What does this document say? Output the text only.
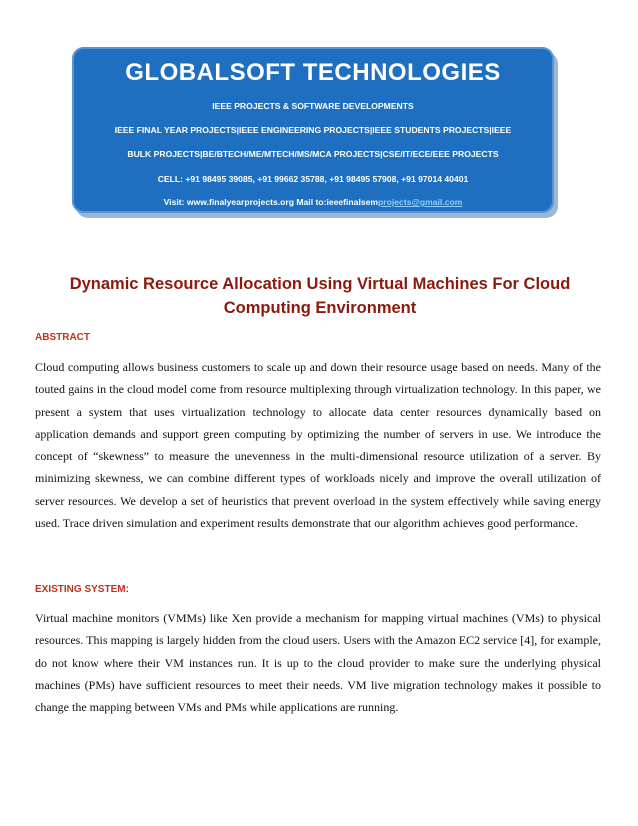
GLOBALSOFT TECHNOLOGIES
IEEE PROJECTS & SOFTWARE DEVELOPMENTS
IEEE FINAL YEAR PROJECTS|IEEE ENGINEERING PROJECTS|IEEE STUDENTS PROJECTS|IEEE
BULK PROJECTS|BE/BTECH/ME/MTECH/MS/MCA PROJECTS|CSE/IT/ECE/EEE PROJECTS
CELL: +91 98495 39085, +91 99662 35788, +91 98495 57908, +91 97014 40401
Visit: www.finalyearprojects.org Mail to:ieeefinalsemprojects@gmail.com
Dynamic Resource Allocation Using Virtual Machines For Cloud Computing Environment
ABSTRACT
Cloud computing allows business customers to scale up and down their resource usage based on needs. Many of the touted gains in the cloud model come from resource multiplexing through virtualization technology. In this paper, we present a system that uses virtualization technology to allocate data center resources dynamically based on application demands and support green computing by optimizing the number of servers in use. We introduce the concept of “skewness” to measure the unevenness in the multi-dimensional resource utilization of a server. By minimizing skewness, we can combine different types of workloads nicely and improve the overall utilization of server resources. We develop a set of heuristics that prevent overload in the system effectively while saving energy used. Trace driven simulation and experiment results demonstrate that our algorithm achieves good performance.
EXISTING SYSTEM:
Virtual machine monitors (VMMs) like Xen provide a mechanism for mapping virtual machines (VMs) to physical resources. This mapping is largely hidden from the cloud users. Users with the Amazon EC2 service [4], for example, do not know where their VM instances run. It is up to the cloud provider to make sure the underlying physical machines (PMs) have sufficient resources to meet their needs. VM live migration technology makes it possible to change the mapping between VMs and PMs while applications are running.
